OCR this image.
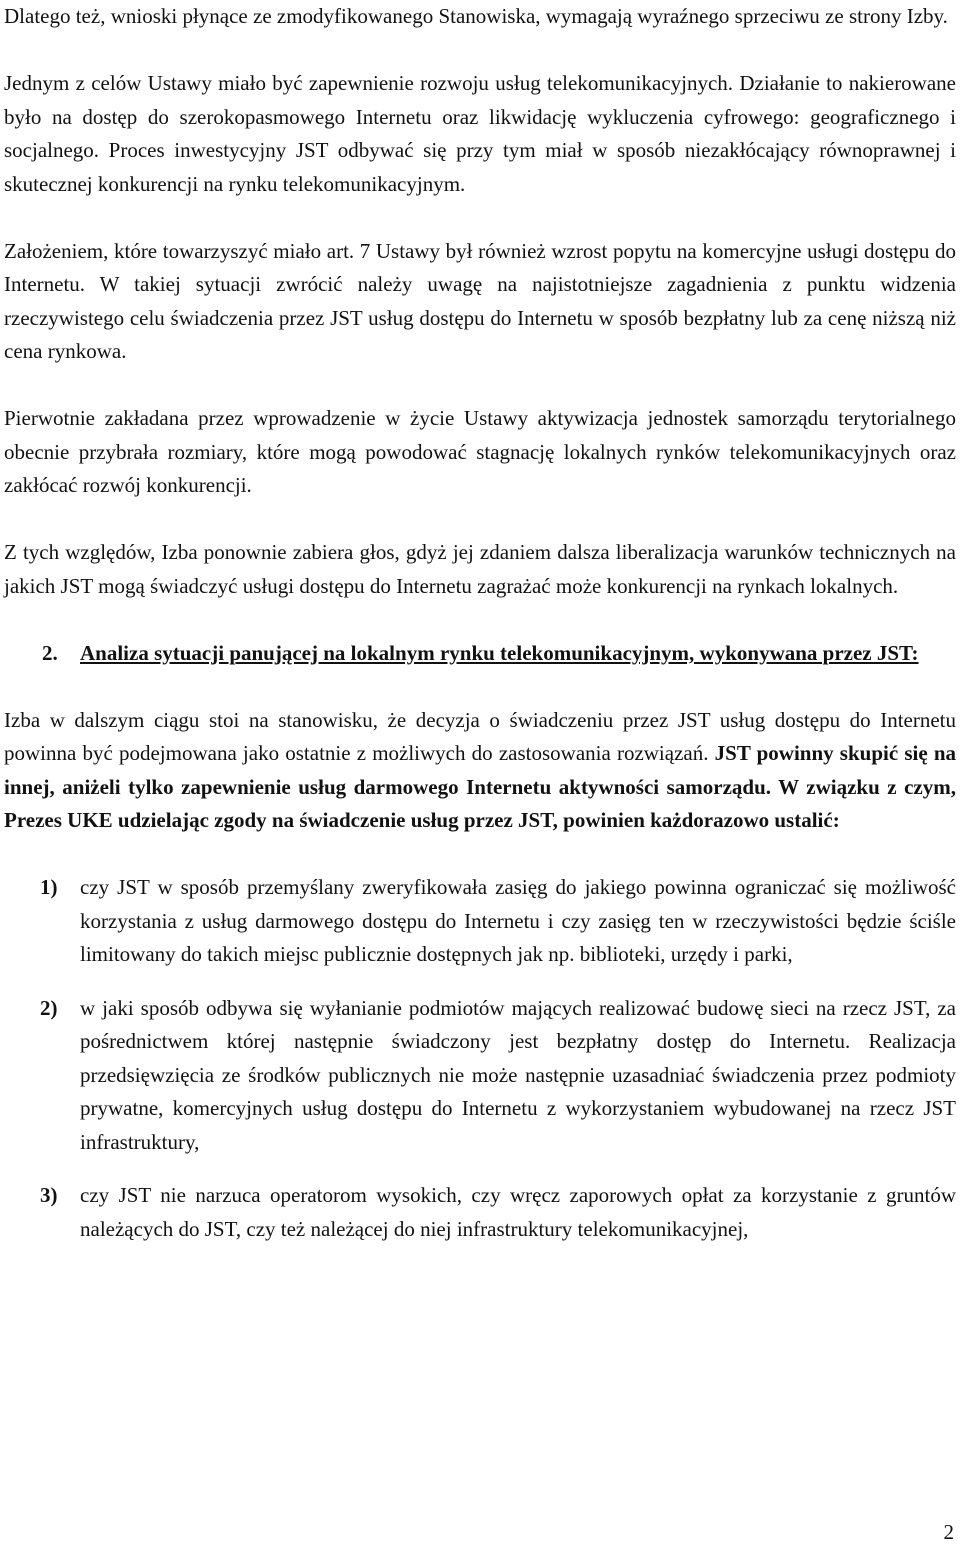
Dlatego też, wnioski płynące ze zmodyfikowanego Stanowiska, wymagają wyraźnego sprzeciwu ze strony Izby.

Jednym z celów Ustawy miało być zapewnienie rozwoju usług telekomunikacyjnych. Działanie to nakierowane było na dostęp do szerokopasmowego Internetu oraz likwidację wykluczenia cyfrowego: geograficznego i socjalnego. Proces inwestycyjny JST odbywać się przy tym miał w sposób niezakłócający równoprawnej i skutecznej konkurencji na rynku telekomunikacyjnym.

Założeniem, które towarzyszyć miało art. 7 Ustawy był również wzrost popytu na komercyjne usługi dostępu do Internetu. W takiej sytuacji zwrócić należy uwagę na najistotniejsze zagadnienia z punktu widzenia rzeczywistego celu świadczenia przez JST usług dostępu do Internetu w sposób bezpłatny lub za cenę niższą niż cena rynkowa.

Pierwotnie zakładana przez wprowadzenie w życie Ustawy aktywizacja jednostek samorządu terytorialnego obecnie przybrała rozmiary, które mogą powodować stagnację lokalnych rynków telekomunikacyjnych oraz zakłócać rozwój konkurencji.

Z tych względów, Izba ponownie zabiera głos, gdyż jej zdaniem dalsza liberalizacja warunków technicznych na jakich JST mogą świadczyć usługi dostępu do Internetu zagrażać może konkurencji na rynkach lokalnych.

2.	Analiza sytuacji panującej na lokalnym rynku telekomunikacyjnym, wykonywana przez JST:

Izba w dalszym ciągu stoi na stanowisku, że decyzja o świadczeniu przez JST usług dostępu do Internetu powinna być podejmowana jako ostatnie z możliwych do zastosowania rozwiązań. JST powinny skupić się na innej, aniżeli tylko zapewnienie usług darmowego Internetu aktywności samorządu. W związku z czym, Prezes UKE udzielając zgody na świadczenie usług przez JST, powinien każdorazowo ustalić:

1)	czy JST w sposób przemyślany zweryfikowała zasięg do jakiego powinna ograniczać się możliwość korzystania z usług darmowego dostępu do Internetu i czy zasięg ten w rzeczywistości będzie ściśle limitowany do takich miejsc publicznie dostępnych jak np. biblioteki, urzędy i parki,
2)	w jaki sposób odbywa się wyłanianie podmiotów mających realizować budowę sieci na rzecz JST, za pośrednictwem której następnie świadczony jest bezpłatny dostęp do Internetu. Realizacja przedsięwzięcia ze środków publicznych nie może następnie uzasadniać świadczenia przez podmioty prywatne, komercyjnych usług dostępu do Internetu z wykorzystaniem wybudowanej na rzecz JST infrastruktury,
3)	czy JST nie narzuca operatorom wysokich, czy wręcz zaporowych opłat za korzystanie z gruntów należących do JST, czy też należącej do niej infrastruktury telekomunikacyjnej,
2
